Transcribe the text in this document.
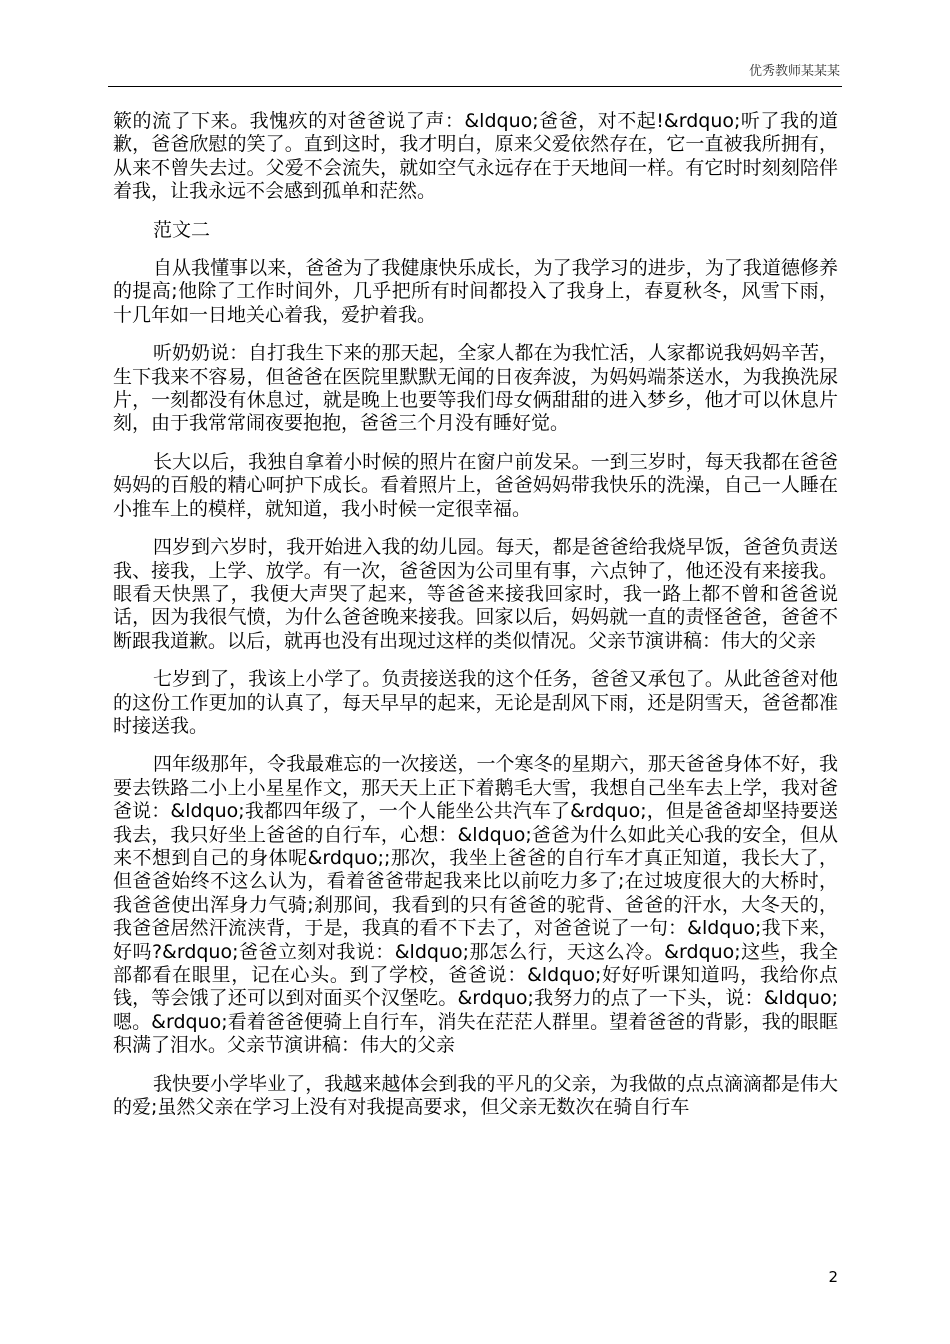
优秀教师某某某

簌的流了下来。我愧疚的对爸爸说了声：&ldquo;爸爸，对不起!&rdquo;听了我的道歉，爸爸欣慰的笑了。直到这时，我才明白，原来父爱依然存在，它一直被我所拥有，从来不曾失去过。父爱不会流失，就如空气永远存在于天地间一样。有它时时刻刻陪伴着我，让我永远不会感到孤单和茫然。

范文二

自从我懂事以来，爸爸为了我健康快乐成长，为了我学习的进步，为了我道德修养的提高;他除了工作时间外，几乎把所有时间都投入了我身上，春夏秋冬，风雪下雨，十几年如一日地关心着我，爱护着我。

听奶奶说：自打我生下来的那天起，全家人都在为我忙活，人家都说我妈妈辛苦，生下我来不容易，但爸爸在医院里默默无闻的日夜奔波，为妈妈端茶送水，为我换洗尿片，一刻都没有休息过，就是晚上也要等我们母女俩甜甜的进入梦乡，他才可以休息片刻，由于我常常闹夜要抱抱，爸爸三个月没有睡好觉。

长大以后，我独自拿着小时候的照片在窗户前发呆。一到三岁时，每天我都在爸爸妈妈的百般的精心呵护下成长。看着照片上，爸爸妈妈带我快乐的洗澡，自己一人睡在小推车上的模样，就知道，我小时候一定很幸福。

四岁到六岁时，我开始进入我的幼儿园。每天，都是爸爸给我烧早饭，爸爸负责送我、接我，上学、放学。有一次，爸爸因为公司里有事，六点钟了，他还没有来接我。眼看天快黑了，我便大声哭了起来，等爸爸来接我回家时，我一路上都不曾和爸爸说话，因为我很气愤，为什么爸爸晚来接我。回家以后，妈妈就一直的责怪爸爸，爸爸不断跟我道歉。以后，就再也没有出现过这样的类似情况。父亲节演讲稿：伟大的父亲

七岁到了，我该上小学了。负责接送我的这个任务，爸爸又承包了。从此爸爸对他的这份工作更加的认真了，每天早早的起来，无论是刮风下雨，还是阴雪天，爸爸都准时接送我。

四年级那年，令我最难忘的一次接送，一个寒冬的星期六，那天爸爸身体不好，我要去铁路二小上小星星作文，那天天上正下着鹅毛大雪，我想自己坐车去上学，我对爸爸说：&ldquo;我都四年级了，一个人能坐公共汽车了&rdquo;，但是爸爸却坚持要送我去，我只好坐上爸爸的自行车，心想：&ldquo;爸爸为什么如此关心我的安全，但从来不想到自己的身体呢&rdquo;;那次，我坐上爸爸的自行车才真正知道，我长大了，但爸爸始终不这么认为，看着爸爸带起我来比以前吃力多了;在过坡度很大的大桥时，我爸爸使出浑身力气骑;刹那间，我看到的只有爸爸的驼背、爸爸的汗水，大冬天的，我爸爸居然汗流浃背，于是，我真的看不下去了，对爸爸说了一句：&ldquo;我下来，好吗?&rdquo;爸爸立刻对我说：&ldquo;那怎么行，天这么冷。&rdquo;这些，我全部都看在眼里，记在心头。到了学校，爸爸说：&ldquo;好好听课知道吗，我给你点钱，等会饿了还可以到对面买个汉堡吃。&rdquo;我努力的点了一下头，说：&ldquo;嗯。&rdquo;看着爸爸便骑上自行车，消失在茫茫人群里。望着爸爸的背影，我的眼眶积满了泪水。父亲节演讲稿：伟大的父亲

我快要小学毕业了，我越来越体会到我的平凡的父亲，为我做的点点滴滴都是伟大的爱;虽然父亲在学习上没有对我提高要求，但父亲无数次在骑自行车

2
